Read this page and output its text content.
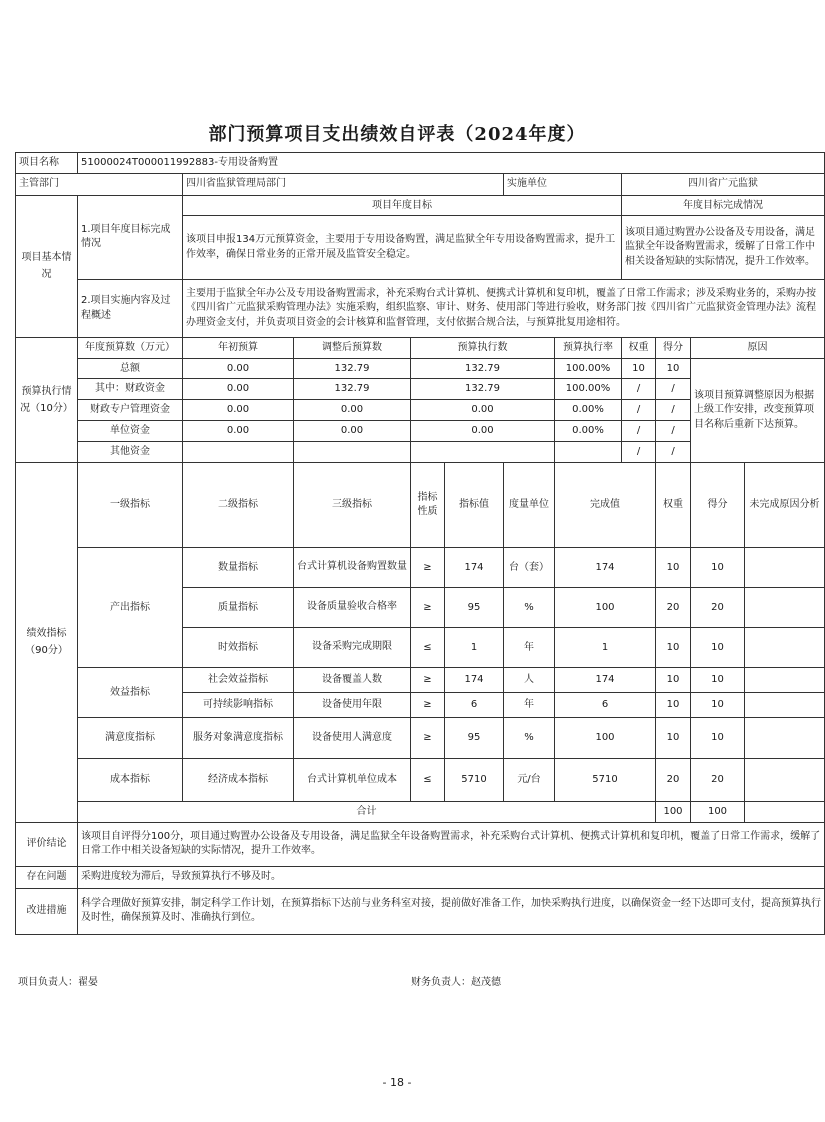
部门预算项目支出绩效自评表（2024年度）
项目名称	51000024T000011992883-专用设备购置										
主管部门		四川省监狱管理局部门				实施单位		四川省广元监狱			
项目基本情况	1.项目年度目标完成情况	项目年度目标						年度目标完成情况			
		该项目申报134万元预算资金，主要用于专用设备购置，满足监狱全年专用设备购置需求，提升工作效率，确保日常业务的正常开展及监管安全稳定。						该项目通过购置办公设备及专用设备，满足监狱全年设备购置需求，缓解了日常工作中相关设备短缺的实际情况，提升工作效率。			
	2.项目实施内容及过程概述	主要用于监狱全年办公及专用设备购置需求，补充采购台式计算机、便携式计算机和复印机，覆盖了日常工作需求；涉及采购业务的，采购办按《四川省广元监狱采购管理办法》实施采购，组织监察、审计、财务、使用部门等进行验收，财务部门按《四川省广元监狱资金管理办法》流程办理资金支付，并负责项目资金的会计核算和监督管理，支付依据合规合法，与预算批复用途相符。									

预算执行情况（10分）	年度预算数（万元）	年初预算	调整后预算数	预算执行数			预算执行率	权重	得分	原因	
	总额	0.00	132.79	132.79			100.00%	10	10	该项目预算调整原因为根据上级工作安排，改变预算项目名称后重新下达预算。	
	其中：财政资金	0.00	132.79	132.79			100.00%	/	/		
	财政专户管理资金	0.00	0.00	0.00			0.00%	/	/		
	单位资金	0.00	0.00	0.00			0.00%	/	/		
	其他资金							/	/		

绩效指标
（90分）	一级指标	二级指标	三级指标	指标性质	指标值	度量单位	完成值		权重	得分	未完成原因分析
	产出指标	数量指标	台式计算机设备购置数量	≥	174	台（套）	174		10	10	
		质量指标	设备质量验收合格率	≥	95	%	100		20	20	
		时效指标	设备采购完成期限	≤	1	年	1		10	10	
	效益指标	社会效益指标	设备覆盖人数	≥	174	人	174		10	10	
		可持续影响指标	设备使用年限	≥	6	年	6		10	10	
	满意度指标	服务对象满意度指标	设备使用人满意度	≥	95	%	100		10	10	
	成本指标	经济成本指标	台式计算机单位成本	≤	5710	元/台	5710		20	20	
	合计								100	100	
评价结论	该项目自评得分100分，项目通过购置办公设备及专用设备，满足监狱全年设备购置需求，补充采购台式计算机、便携式计算机和复印机，覆盖了日常工作需求，缓解了日常工作中相关设备短缺的实际情况，提升工作效率。										
存在问题	采购进度较为滞后，导致预算执行不够及时。										
改进措施	科学合理做好预算安排，制定科学工作计划，在预算指标下达前与业务科室对接，提前做好准备工作，加快采购执行进度，以确保资金一经下达即可支付，提高预算执行及时性，确保预算及时、准确执行到位。										
项目负责人：翟晏	财务负责人：赵茂德
- 18 -
